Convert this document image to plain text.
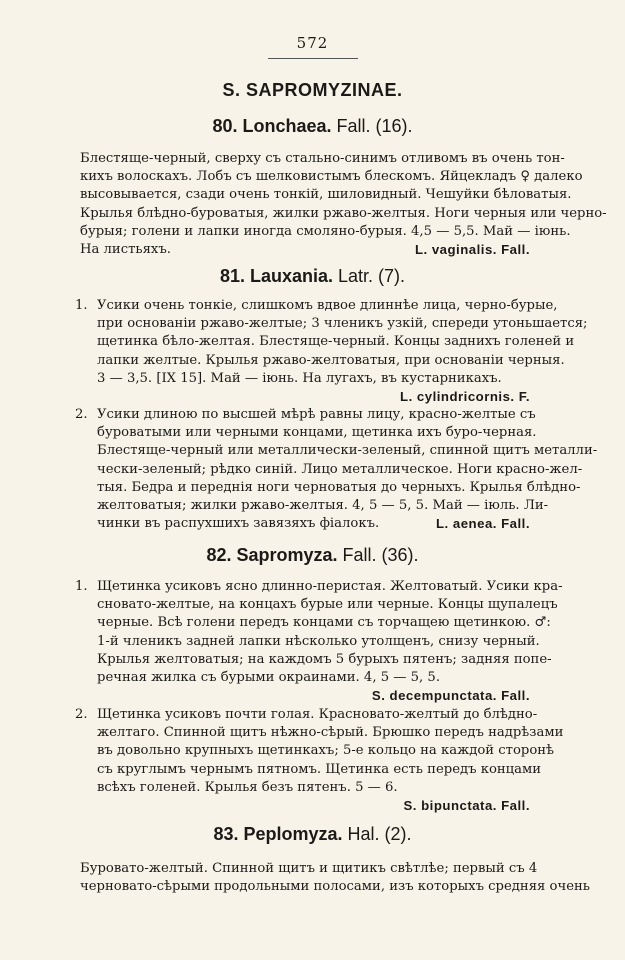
572
S. SAPROMYZINAE.
80. Lonchaea. Fall. (16).
Блестяще-черный, сверху съ стально-синимъ отливомъ въ очень тон-
кихъ волоскахъ. Лобъ съ шелковистымъ блескомъ. Яйцекладъ ♀ далеко
высовывается, сзади очень тонкій, шиловидный. Чешуйки бѣловатыя.
Крылья блѣдно-буроватыя, жилки ржаво-желтыя. Ноги черныя или черно-
бурыя; голени и лапки иногда смоляно-бурыя. 4,5 — 5,5. Май — іюнь.
На листьяхъ.	L. vaginalis. Fall.
81. Lauxania. Latr. (7).
1. Усики очень тонкіе, слишкомъ вдвое длиннѣе лица, черно-бурые,
при основаніи ржаво-желтые; 3 членикъ узкій, спереди утоньшается;
щетинка бѣло-желтая. Блестяще-черный. Концы заднихъ голеней и
лапки желтые. Крылья ржаво-желтоватыя, при основаніи черныя.
3 — 3,5. [IX 15]. Май — іюнь. На лугахъ, въ кустарникахъ.
L. cylindricornis. F.
2. Усики длиною по высшей мѣрѣ равны лицу, красно-желтые съ
буроватыми или черными концами, щетинка ихъ буро-черная.
Блестяще-черный или металлически-зеленый, спинной щитъ металли-
чески-зеленый; рѣдко синій. Лицо металлическое. Ноги красно-жел-
тыя. Бедра и переднія ноги черноватыя до черныхъ. Крылья блѣдно-
желтоватыя; жилки ржаво-желтыя. 4, 5 — 5, 5. Май — іюль. Ли-
чинки въ распухшихъ завязяхъ фіалокъ.	L. aenea. Fall.
82. Sapromyza. Fall. (36).
1. Щетинка усиковъ ясно длинно-перистая. Желтоватый. Усики кра-
сновато-желтые, на концахъ бурые или черные. Концы щупалецъ
черные. Всѣ голени передъ концами съ торчащею щетинкою. ♂:
1-й членикъ задней лапки нѣсколько утолщенъ, снизу черный.
Крылья желтоватыя; на каждомъ 5 бурыхъ пятенъ; задняя попе-
речная жилка съ бурыми окраинами. 4, 5 — 5, 5.
S. decempunctata. Fall.
2. Щетинка усиковъ почти голая. Красновато-желтый до блѣдно-
желтаго. Спинной щитъ нѣжно-сѣрый. Брюшко передъ надрѣзами
въ довольно крупныхъ щетинкахъ; 5-е кольцо на каждой сторонѣ
съ круглымъ чернымъ пятномъ. Щетинка есть передъ концами
всѣхъ голеней. Крылья безъ пятенъ. 5 — 6.
S. bipunctata. Fall.
83. Peplomyza. Hal. (2).
Буровато-желтый. Спинной щитъ и щитикъ свѣтлѣе; первый съ 4
черновато-сѣрыми продольными полосами, изъ которыхъ средняя очень
